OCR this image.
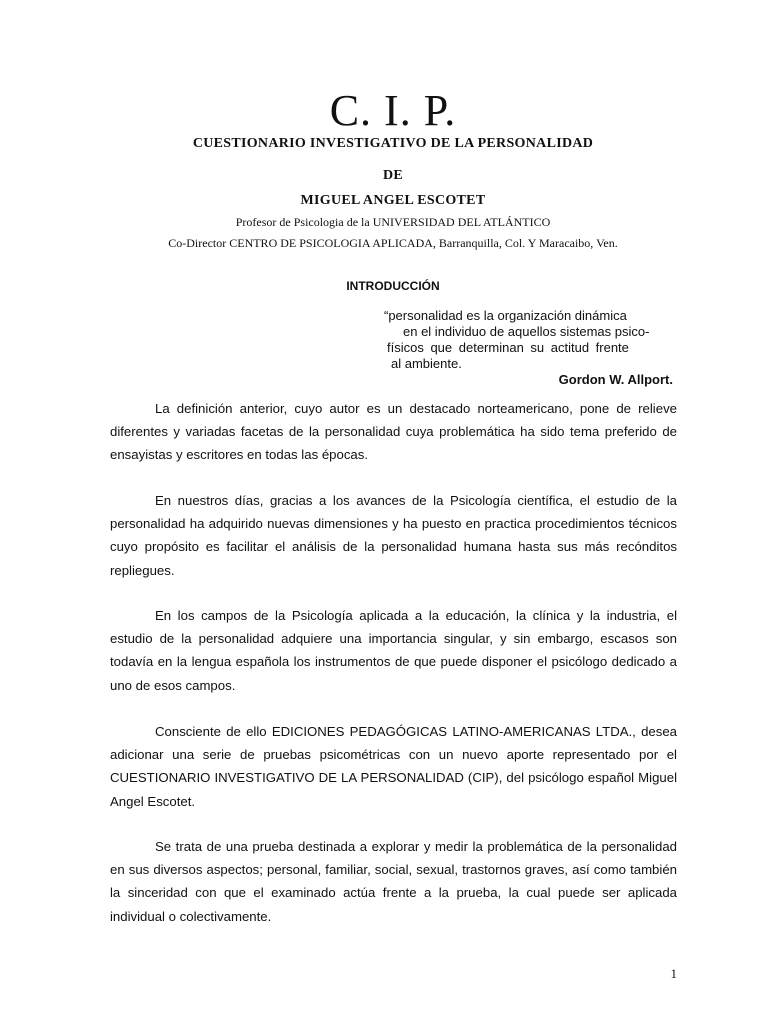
C. I. P.
CUESTIONARIO INVESTIGATIVO DE LA PERSONALIDAD
DE
MIGUEL ANGEL ESCOTET
Profesor de Psicologia de la UNIVERSIDAD DEL ATLÁNTICO
Co-Director CENTRO DE PSICOLOGIA APLICADA, Barranquilla, Col. Y Maracaibo, Ven.
INTRODUCCIÓN
“personalidad es la organización dinámica
en el individuo de aquellos sistemas psico-
físicos que determinan su actitud frente
al ambiente.
Gordon W. Allport.

La definición anterior, cuyo autor es un destacado norteamericano, pone de relieve diferentes y variadas facetas de la personalidad cuya problemática ha sido tema preferido de ensayistas y escritores en todas las épocas.

En nuestros días, gracias a los avances de la Psicología científica, el estudio de la personalidad ha adquirido nuevas dimensiones y ha puesto en practica procedimientos técnicos cuyo propósito es facilitar el análisis de la personalidad humana hasta sus más recónditos repliegues.

En los campos de la Psicología aplicada a la educación, la clínica y la industria, el estudio de la personalidad adquiere una importancia singular, y sin embargo, escasos son todavía en la lengua española los instrumentos de que puede disponer el psicólogo dedicado a uno de esos campos.

Consciente de ello EDICIONES PEDAGÓGICAS LATINO-AMERICANAS LTDA., desea adicionar una serie de pruebas psicométricas con un nuevo aporte representado por el CUESTIONARIO INVESTIGATIVO DE LA PERSONALIDAD (CIP), del psicólogo español Miguel Angel Escotet.

Se trata de una prueba destinada a explorar y medir la problemática de la personalidad en sus diversos aspectos; personal, familiar, social, sexual, trastornos graves, así como también la sinceridad con que el examinado actúa frente a la prueba, la cual puede ser aplicada individual o colectivamente.

1
